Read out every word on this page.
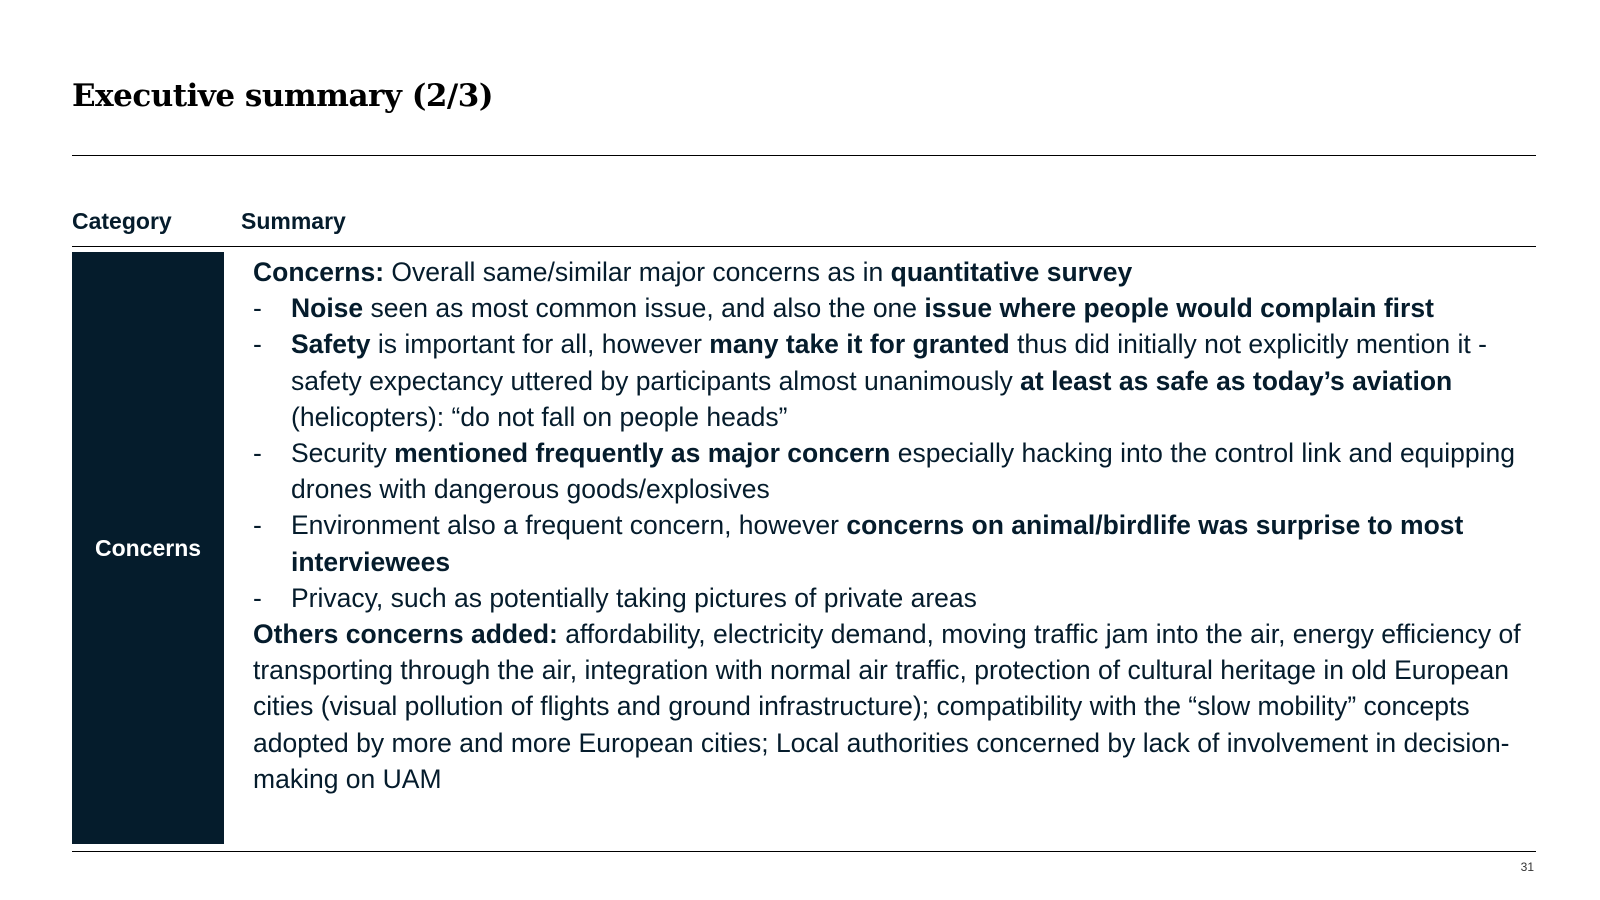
Executive summary (2/3)
Category	Summary
Concerns

Concerns: Overall same/similar major concerns as in quantitative survey

- Noise seen as most common issue, and also the one issue where people would complain first
- Safety is important for all, however many take it for granted thus did initially not explicitly mention it - safety expectancy uttered by participants almost unanimously at least as safe as today’s aviation (helicopters): “do not fall on people heads”
- Security mentioned frequently as major concern especially hacking into the control link and equipping drones with dangerous goods/explosives
- Environment also a frequent concern, however concerns on animal/birdlife was surprise to most interviewees
- Privacy, such as potentially taking pictures of private areas

Others concerns added: affordability, electricity demand, moving traffic jam into the air, energy efficiency of transporting through the air, integration with normal air traffic, protection of cultural heritage in old European cities (visual pollution of flights and ground infrastructure); compatibility with the “slow mobility” concepts adopted by more and more European cities; Local authorities concerned by lack of involvement in decision-making on UAM

31
